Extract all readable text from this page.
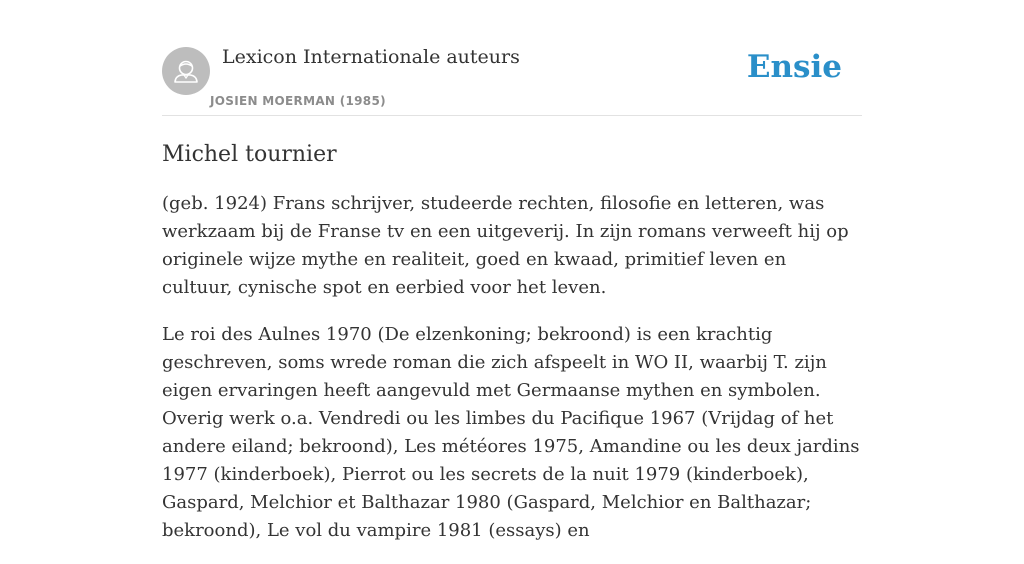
Lexicon Internationale auteurs
JOSIEN MOERMAN (1985)
Ensie
Michel tournier

(geb. 1924) Frans schrijver, studeerde rechten, filosofie en letteren, was werkzaam bij de Franse tv en een uitgeverij. In zijn romans verweeft hij op originele wijze mythe en realiteit, goed en kwaad, primitief leven en cultuur, cynische spot en eerbied voor het leven.

Le roi des Aulnes 1970 (De elzenkoning; bekroond) is een krachtig geschreven, soms wrede roman die zich afspeelt in WO II, waarbij T. zijn eigen ervaringen heeft aangevuld met Germaanse mythen en symbolen. Overig werk o.a. Vendredi ou les limbes du Pacifique 1967 (Vrijdag of het andere eiland; bekroond), Les météores 1975, Amandine ou les deux jardins 1977 (kinderboek), Pierrot ou les secrets de la nuit 1979 (kinderboek), Gaspard, Melchior et Balthazar 1980 (Gaspard, Melchior en Balthazar; bekroond), Le vol du vampire 1981 (essays) en
